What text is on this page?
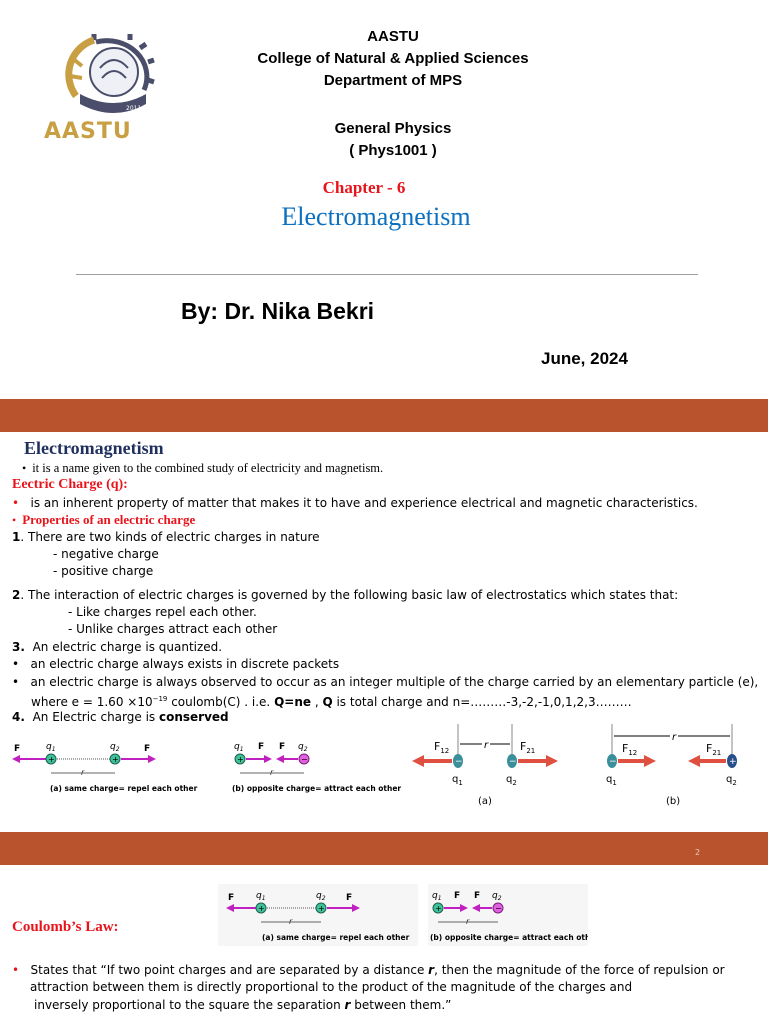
2011
AASTU
AASTU
College of Natural & Applied Sciences
Department of MPS
General Physics
( Phys1001 )
Chapter - 6
Electromagnetism
By: Dr. Nika Bekri
June, 2024
Electromagnetism
•  it is a name given to the combined study of electricity and magnetism.
Eectric Charge (q):
•   is an inherent property of matter that makes it to have and experience electrical and magnetic characteristics.
•  Properties of an electric charge
1. There are two kinds of electric charges in nature
- negative charge
- positive charge
2. The interaction of electric charges is governed by the following basic law of electrostatics which states that:
- Like charges repel each other.
- Unlike charges attract each other
3. An electric charge is quantized.
•   an electric charge always exists in discrete packets
•   an electric charge is always observed to occur as an integer multiple of the charge carried by an elementary particle (e),
where $e = 1.60 \times 10^{-19}$ coulomb(C) . i.e. Q=ne , Q is total charge and n=………-3,-2,-1,0,1,2,3………
4. An Electric charge is conserved
F	$q_1$	$q_2$	F
+	+
r
(a) same charge= repel each other
$q_1$ F F $q_2$
+	−
r
(b) opposite charge= attract each other
r
$F_{12}$	$F_{21}$
−	−
$q_1$	$q_2$
(a)
r
$F_{12}$	$F_{21}$
−	+
$q_1$	$q_2$
(b)
2
Coulomb’s Law:
F $q_1$	$q_2$ F
+	+
r
(a) same charge= repel each other
$q_1$ F F $q_2$
+	−
r
(b) opposite charge= attract each other
•   States that “If two point charges and are separated by a distance r, then the magnitude of the force of repulsion or
attraction between them is directly proportional to the product of the magnitude of the charges and
inversely proportional to the square the separation r between them.”
